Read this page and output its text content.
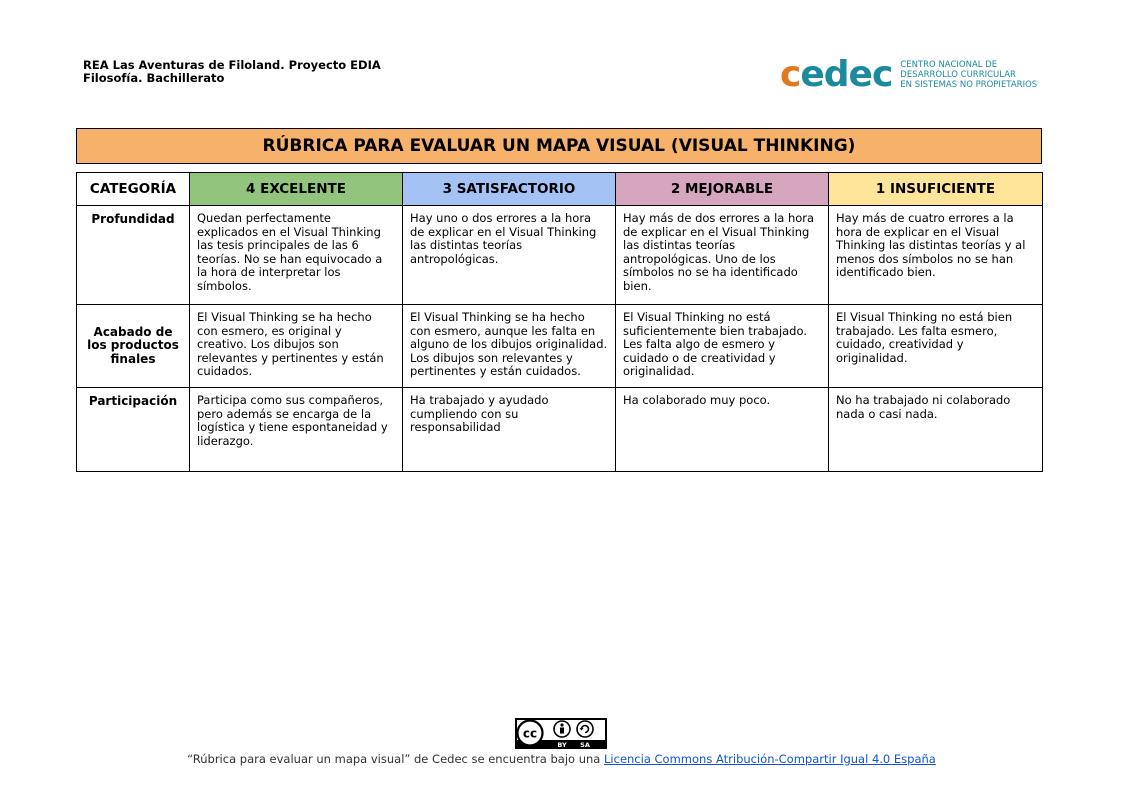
REA Las Aventuras de Filoland. Proyecto EDIA
Filosofía. Bachillerato	cedec CENTRO NACIONAL DE
DESARROLLO CURRICULAR
EN SISTEMAS NO PROPIETARIOS
RÚBRICA PARA EVALUAR UN MAPA VISUAL (VISUAL THINKING)
CATEGORÍA	4 EXCELENTE	3 SATISFACTORIO	2 MEJORABLE	1 INSUFICIENTE
Profundidad	Quedan perfectamente explicados en el Visual Thinking las tesis principales de las 6 teorías. No se han equivocado a la hora de interpretar los símbolos.	Hay uno o dos errores a la hora de explicar en el Visual Thinking las distintas teorías antropológicas.	Hay más de dos errores a la hora de explicar en el Visual Thinking las distintas teorías antropológicas. Uno de los símbolos no se ha identificado bien.	Hay más de cuatro errores a la hora de explicar en el Visual Thinking las distintas teorías y al menos dos símbolos no se han identificado bien.
Acabado de los productos finales	El Visual Thinking se ha hecho con esmero, es original y creativo. Los dibujos son relevantes y pertinentes y están cuidados.	El Visual Thinking se ha hecho con esmero, aunque les falta en alguno de los dibujos originalidad. Los dibujos son relevantes y pertinentes y están cuidados.	El Visual Thinking no está suficientemente bien trabajado. Les falta algo de esmero y cuidado o de creatividad y originalidad.	El Visual Thinking no está bien trabajado. Les falta esmero, cuidado, creatividad y originalidad.
Participación	Participa como sus compañeros, pero además se encarga de la logística y tiene espontaneidad y liderazgo.	Ha trabajado y ayudado cumpliendo con su responsabilidad	Ha colaborado muy poco.	No ha trabajado ni colaborado nada o casi nada.
cc
BY SA
“Rúbrica para evaluar un mapa visual” de Cedec se encuentra bajo una Licencia Commons Atribución-Compartir Igual 4.0 España
